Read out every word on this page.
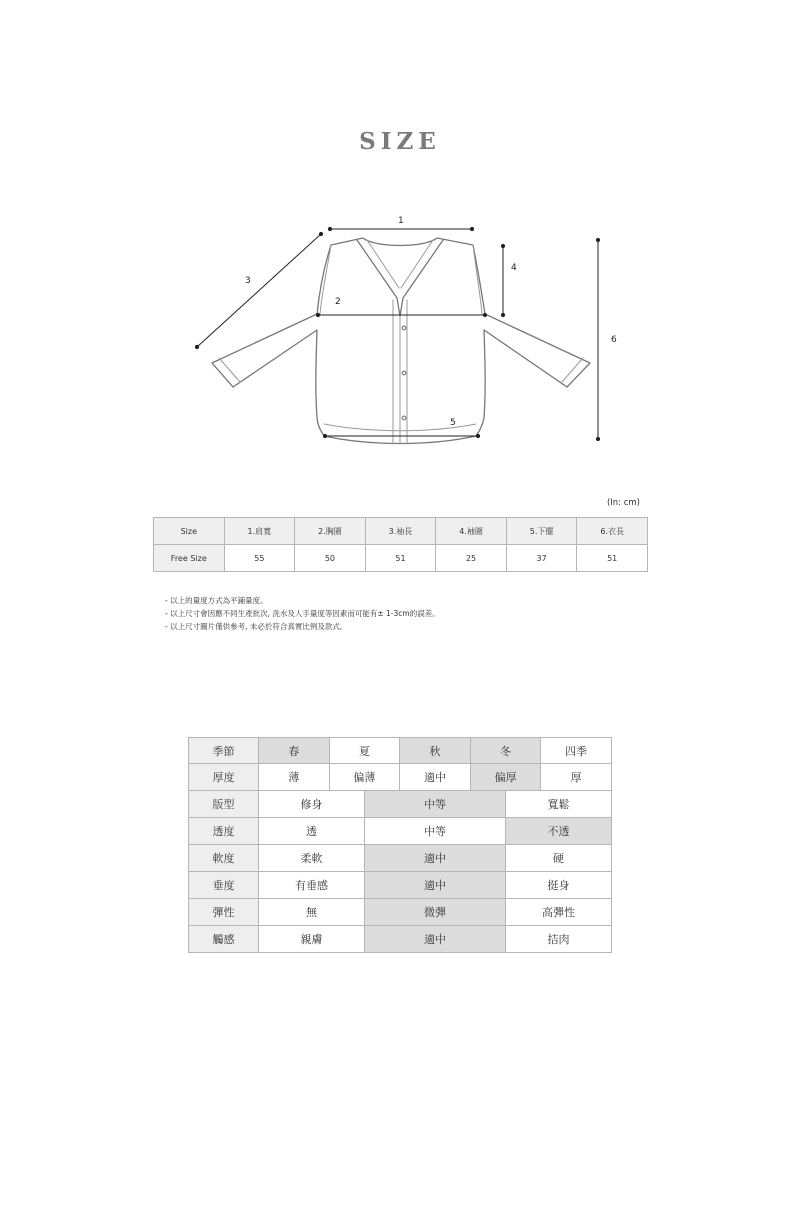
SIZE
1
2
3
4
5
6
(In: cm)
Size	1.肩寬	2.胸圍	3.袖長	4.袖圍	5.下擺	6.衣長
Free Size	55	50	51	25	37	51
- 以上的量度方式為平鋪量度。
- 以上尺寸會因應不同生產批次, 洗水及人手量度等因素而可能有± 1-3cm的誤差。
- 以上尺寸圖片僅供參考, 未必於符合真實比例及款式。
季節	春	夏	秋	冬	四季
厚度	薄	偏薄	適中	偏厚	厚
版型	修身	中等	寬鬆
透度	透	中等	不透
軟度	柔軟	適中	硬
垂度	有垂感	適中	挺身
彈性	無	微彈	高彈性
觸感	親膚	適中	拮肉
